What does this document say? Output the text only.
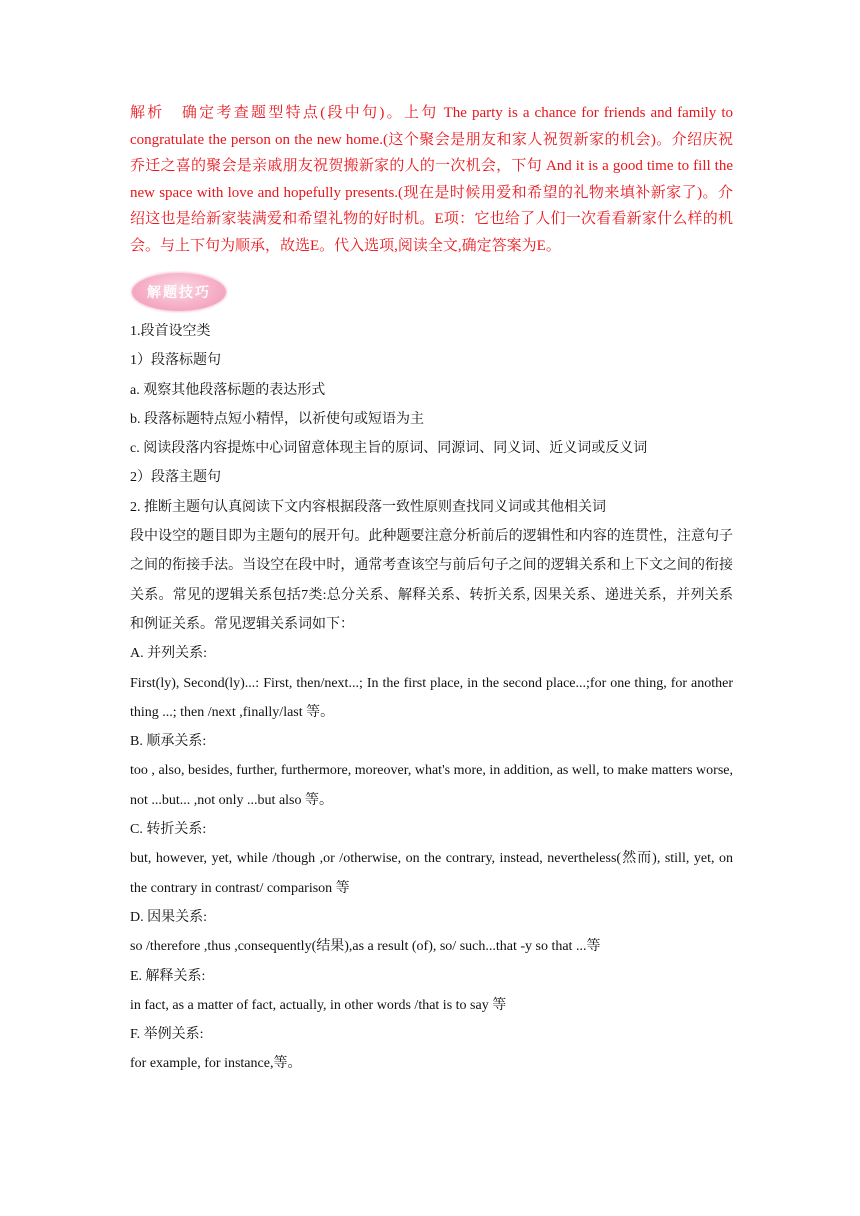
解析　确定考查题型特点(段中句)。上句 The party is a chance for friends and family to congratulate the person on the new home.(这个聚会是朋友和家人祝贺新家的机会)。介绍庆祝乔迁之喜的聚会是亲戚朋友祝贺搬新家的人的一次机会，下句 And it is a good time to fill the new space with love and hopefully presents.(现在是时候用爱和希望的礼物来填补新家了)。介绍这也是给新家装满爱和希望礼物的好时机。E项：它也给了人们一次看看新家什么样的机会。与上下句为顺承，故选E。代入选项,阅读全文,确定答案为E。

解题技巧

1.段首设空类

1）段落标题句

a. 观察其他段落标题的表达形式

b. 段落标题特点短小精悍，以祈使句或短语为主

c. 阅读段落内容提炼中心词留意体现主旨的原词、同源词、同义词、近义词或反义词

2）段落主题句

2. 推断主题句认真阅读下文内容根据段落一致性原则查找同义词或其他相关词

段中设空的题目即为主题句的展开句。此种题要注意分析前后的逻辑性和内容的连贯性，注意句子之间的衔接手法。当设空在段中时，通常考查该空与前后句子之间的逻辑关系和上下文之间的衔接关系。常见的逻辑关系包括7类:总分关系、解释关系、转折关系, 因果关系、递进关系，并列关系和例证关系。常见逻辑关系词如下：

A. 并列关系:

First(ly), Second(ly)...: First, then/next...; In the first place, in the second place...;for one thing, for another thing ...; then /next ,finally/last 等。

B. 顺承关系:

too , also, besides, further, furthermore, moreover, what's more, in addition, as well, to make matters worse, not ...but... ,not only ...but also 等。

C. 转折关系:

but, however, yet, while /though ,or /otherwise, on the contrary, instead, nevertheless(然而), still, yet, on the contrary in contrast/ comparison 等

D. 因果关系:

so /therefore ,thus ,consequently(结果),as a result (of), so/ such...that -y so that ...等

E. 解释关系:

in fact, as a matter of fact, actually, in other words /that is to say 等

F. 举例关系:

for example, for instance,等。
